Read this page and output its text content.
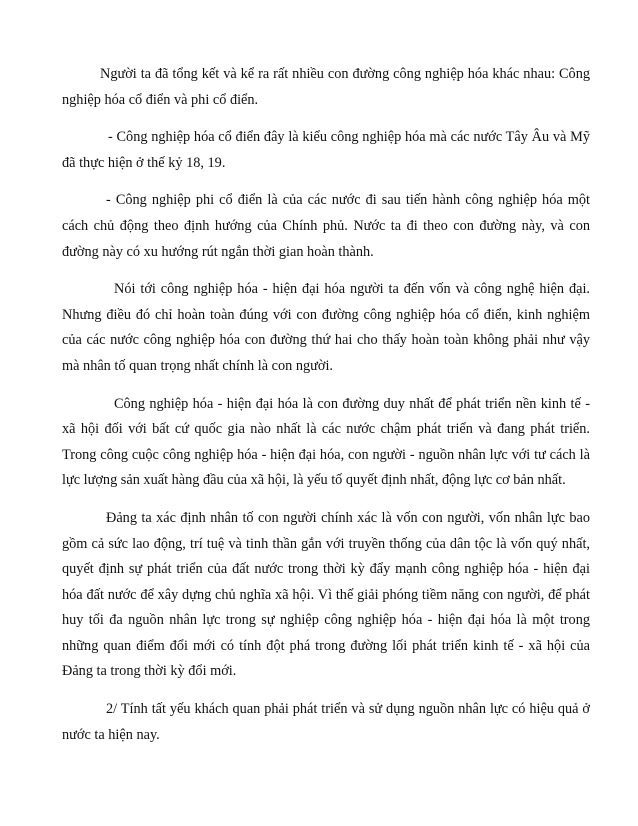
Người ta đã tổng kết và kể ra rất nhiều con đường công nghiệp hóa khác nhau: Công nghiệp hóa cổ điển và phi cổ điển.

- Công nghiệp hóa cổ điển đây là kiểu công nghiệp hóa mà các nước Tây Âu và Mỹ đã thực hiện ở thế kỷ 18, 19.

- Công nghiệp phi cổ điển là của các nước đi sau tiến hành công nghiệp hóa một cách chủ động theo định hướng của Chính phủ. Nước ta đi theo con đường này, và con đường này có xu hướng rút ngắn thời gian hoàn thành.

Nói tới công nghiệp hóa - hiện đại hóa người ta đến vốn và công nghệ hiện đại. Nhưng điều đó chỉ hoàn toàn đúng với con đường công nghiệp hóa cổ điển, kinh nghiệm của các nước công nghiệp hóa con đường thứ hai cho thấy hoàn toàn không phải như vậy mà nhân tố quan trọng nhất chính là con người.

Công nghiệp hóa - hiện đại hóa là con đường duy nhất để phát triển nền kinh tế - xã hội đối với bất cứ quốc gia nào nhất là các nước chậm phát triển và đang phát triển. Trong công cuộc công nghiệp hóa - hiện đại hóa, con người - nguồn nhân lực với tư cách là lực lượng sản xuất hàng đầu của xã hội, là yếu tố quyết định nhất, động lực cơ bản nhất.

Đảng ta xác định nhân tố con người chính xác là vốn con người, vốn nhân lực bao gồm cả sức lao động, trí tuệ và tinh thần gắn với truyền thống của dân tộc là vốn quý nhất, quyết định sự phát triển của đất nước trong thời kỳ đẩy mạnh công nghiệp hóa - hiện đại hóa đất nước để xây dựng chủ nghĩa xã hội. Vì thế giải phóng tiềm năng con người, để phát huy tối đa nguồn nhân lực trong sự nghiệp công nghiệp hóa - hiện đại hóa là một trong những quan điểm đổi mới có tính đột phá trong đường lối phát triển kinh tế - xã hội của Đảng ta trong thời kỳ đổi mới.

2/ Tính tất yếu khách quan phải phát triển và sử dụng nguồn nhân lực có hiệu quả ở nước ta hiện nay.
